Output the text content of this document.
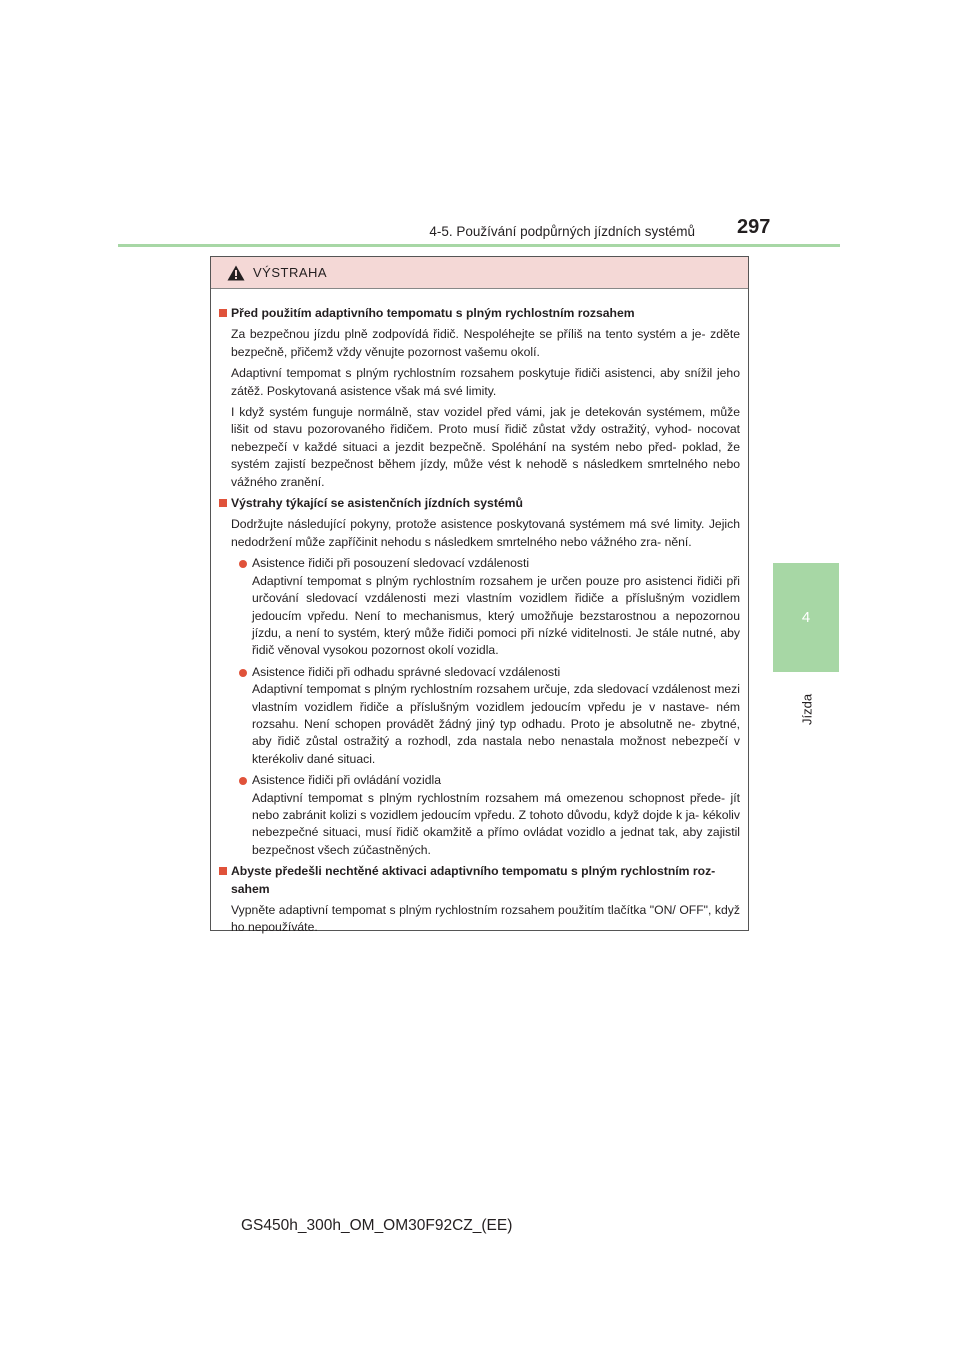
4-5. Používání podpůrných jízdních systémů 297
4
Jízda
VÝSTRAHA
Před použitím adaptivního tempomatu s plným rychlostním rozsahem
Za bezpečnou jízdu plně zodpovídá řidič. Nespoléhejte se příliš na tento systém a je- zděte bezpečně, přičemž vždy věnujte pozornost vašemu okolí.
Adaptivní tempomat s plným rychlostním rozsahem poskytuje řidiči asistenci, aby snížil jeho zátěž. Poskytovaná asistence však má své limity.
I když systém funguje normálně, stav vozidel před vámi, jak je detekován systémem, může lišit od stavu pozorovaného řidičem. Proto musí řidič zůstat vždy ostražitý, vyhod- nocovat nebezpečí v každé situaci a jezdit bezpečně. Spoléhání na systém nebo před- poklad, že systém zajistí bezpečnost během jízdy, může vést k nehodě s následkem smrtelného nebo vážného zranění.
Výstrahy týkající se asistenčních jízdních systémů
Dodržujte následující pokyny, protože asistence poskytovaná systémem má své limity. Jejich nedodržení může zapříčinit nehodu s následkem smrtelného nebo vážného zra- nění.
Asistence řidiči při posouzení sledovací vzdálenosti
Adaptivní tempomat s plným rychlostním rozsahem je určen pouze pro asistenci řidiči při určování sledovací vzdálenosti mezi vlastním vozidlem řidiče a příslušným vozidlem jedoucím vpředu. Není to mechanismus, který umožňuje bezstarostnou a nepozornou jízdu, a není to systém, který může řidiči pomoci při nízké viditelnosti. Je stále nutné, aby řidič věnoval vysokou pozornost okolí vozidla.
Asistence řidiči při odhadu správné sledovací vzdálenosti
Adaptivní tempomat s plným rychlostním rozsahem určuje, zda sledovací vzdálenost mezi vlastním vozidlem řidiče a příslušným vozidlem jedoucím vpředu je v nastave- ném rozsahu. Není schopen provádět žádný jiný typ odhadu. Proto je absolutně ne- zbytné, aby řidič zůstal ostražitý a rozhodl, zda nastala nebo nenastala možnost nebezpečí v kterékoliv dané situaci.
Asistence řidiči při ovládání vozidla
Adaptivní tempomat s plným rychlostním rozsahem má omezenou schopnost přede- jít nebo zabránit kolizi s vozidlem jedoucím vpředu. Z tohoto důvodu, když dojde k ja- kékoliv nebezpečné situaci, musí řidič okamžitě a přímo ovládat vozidlo a jednat tak, aby zajistil bezpečnost všech zúčastněných.
Abyste předešli nechtěné aktivaci adaptivního tempomatu s plným rychlostním roz- sahem
Vypněte adaptivní tempomat s plným rychlostním rozsahem použitím tlačítka "ON/ OFF", když ho nepoužíváte.
GS450h_300h_OM_OM30F92CZ_(EE)
